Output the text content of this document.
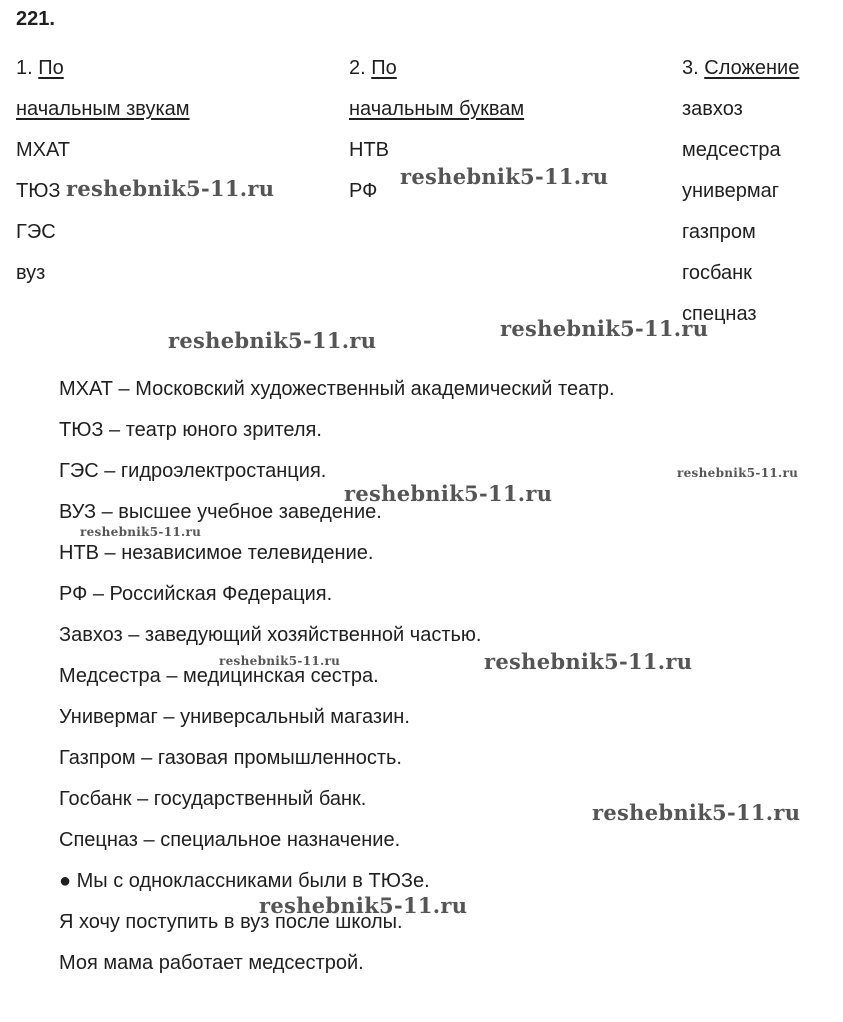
221.
1. По
начальным звукам
МХАТ
ТЮЗ
ГЭС
вуз
2. По
начальным буквам
НТВ
РФ
3. Сложение
завхоз
медсестра
универмаг
газпром
госбанк
спецназ
МХАТ – Московский художественный академический театр.
ТЮЗ – театр юного зрителя.
ГЭС – гидроэлектростанция.
ВУЗ – высшее учебное заведение.
НТВ – независимое телевидение.
РФ – Российская Федерация.
Завхоз – заведующий хозяйственной частью.
Медсестра – медицинская сестра.
Универмаг – универсальный магазин.
Газпром – газовая промышленность.
Госбанк – государственный банк.
Спецназ – специальное назначение.
● Мы с одноклассниками были в ТЮЗе.
Я хочу поступить в вуз после школы.
Моя мама работает медсестрой.
reshebnik5-11.ru	reshebnik5-11.ru
reshebnik5-11.ru	reshebnik5-11.ru
reshebnik5-11.ru
reshebnik5-11.ru
reshebnik5-11.ru
reshebnik5-11.ru	reshebnik5-11.ru
reshebnik5-11.ru
reshebnik5-11.ru
